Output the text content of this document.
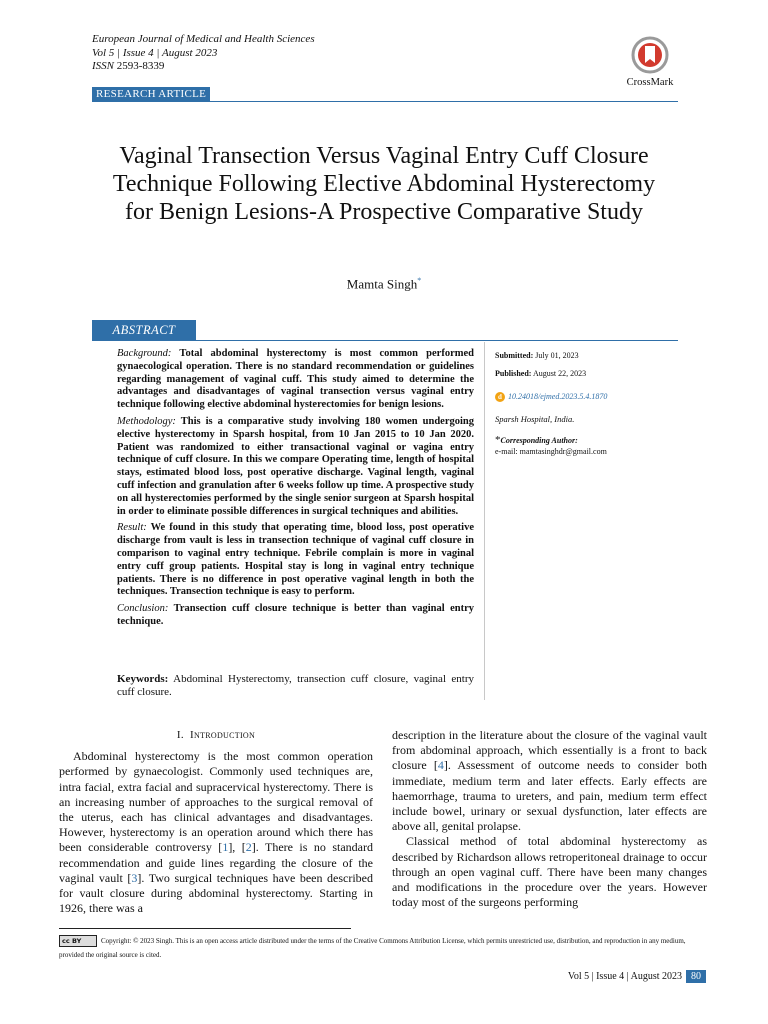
European Journal of Medical and Health Sciences
Vol 5 | Issue 4 | August 2023
ISSN 2593-8339
CrossMark
RESEARCH ARTICLE
Vaginal Transection Versus Vaginal Entry Cuff Closure Technique Following Elective Abdominal Hysterectomy for Benign Lesions-A Prospective Comparative Study
Mamta Singh*
ABSTRACT

Background: Total abdominal hysterectomy is most common performed gynaecological operation. There is no standard recommendation or guidelines regarding management of vaginal cuff. This study aimed to determine the advantages and disadvantages of vaginal transection versus vaginal entry technique following elective abdominal hysterectomies for benign lesions.

Methodology: This is a comparative study involving 180 women undergoing elective hysterectomy in Sparsh hospital, from 10 Jan 2015 to 10 Jan 2020. Patient was randomized to either transactional vaginal or vagina entry technique of cuff closure. In this we compare Operating time, length of hospital stays, estimated blood loss, post operative discharge. Vaginal length, vaginal cuff infection and granulation after 6 weeks follow up time. A prospective study on all hysterectomies performed by the single senior surgeon at Sparsh hospital in order to eliminate possible differences in surgical techniques and abilities.

Result: We found in this study that operating time, blood loss, post operative discharge from vault is less in transection technique of vaginal cuff closure in comparison to vaginal entry technique. Febrile complain is more in vaginal entry cuff group patients. Hospital stay is long in vaginal entry technique patients. There is no difference in post operative vaginal length in both the techniques. Transection technique is easy to perform.

Conclusion: Transection cuff closure technique is better than vaginal entry technique.

Keywords: Abdominal Hysterectomy, transection cuff closure, vaginal entry cuff closure.
Submitted: July 01, 2023
Published: August 22, 2023
d 10.24018/ejmed.2023.5.4.1870
Sparsh Hospital, India.
*Corresponding Author:
e-mail: mamtasinghdr@gmail.com
I. Introduction

Abdominal hysterectomy is the most common operation performed by gynaecologist. Commonly used techniques are, intra facial, extra facial and supracervical hysterectomy. There is an increasing number of approaches to the surgical removal of the uterus, each has clinical advantages and disadvantages. However, hysterectomy is an operation around which there has been considerable controversy [1], [2]. There is no standard recommendation and guide lines regarding the closure of the vaginal vault [3]. Two surgical techniques have been described for vault closure during abdominal hysterectomy. Starting in 1926, there was a

description in the literature about the closure of the vaginal vault from abdominal approach, which essentially is a front to back closure [4]. Assessment of outcome needs to consider both immediate, medium term and later effects. Early effects are haemorrhage, trauma to ureters, and pain, medium term effect include bowel, urinary or sexual dysfunction, later effects are above all, genital prolapse.

Classical method of total abdominal hysterectomy as described by Richardson allows retroperitoneal drainage to occur through an open vaginal cuff. There have been many changes and modifications in the procedure over the years. However today most of the surgeons performing

cc BY	Copyright: © 2023 Singh. This is an open access article distributed under the terms of the Creative Commons Attribution License, which permits unrestricted use, distribution, and reproduction in any medium, provided the original source is cited.
Vol 5 | Issue 4 | August 2023 80
